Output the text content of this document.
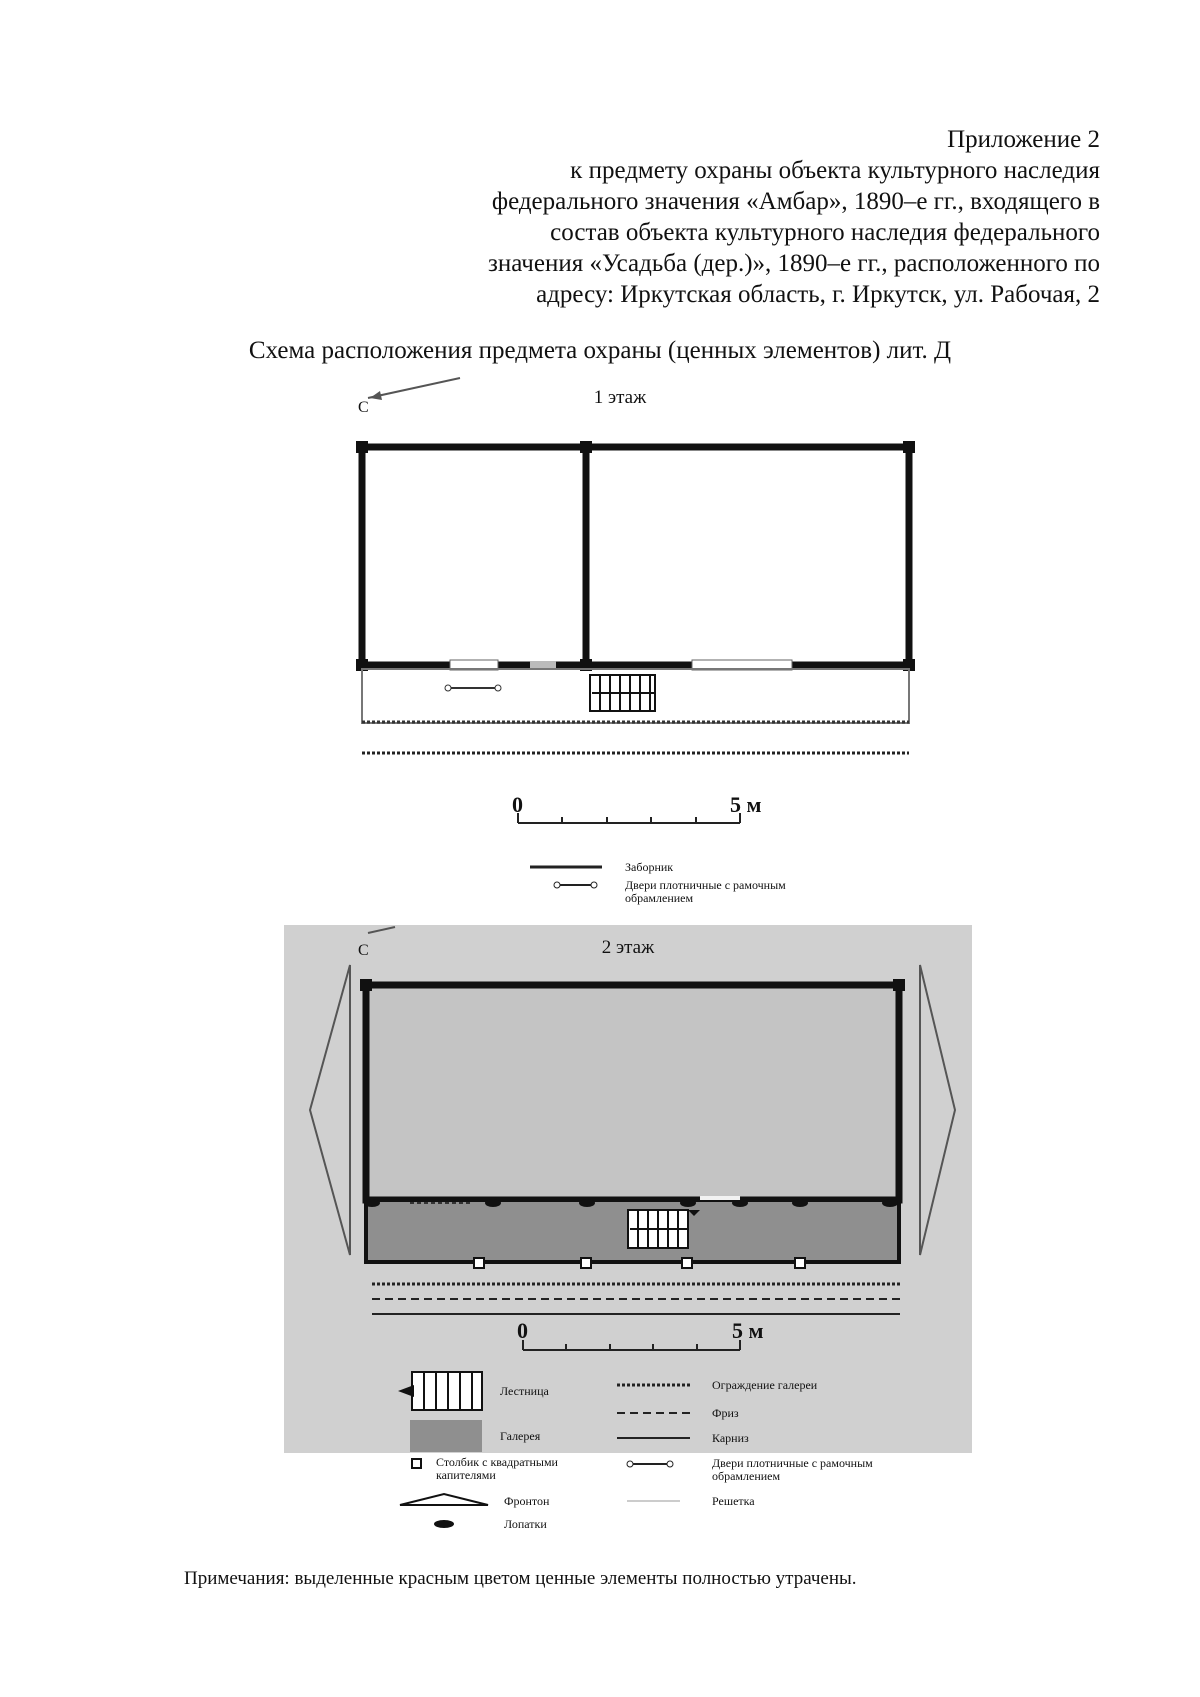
Приложение 2

к предмету охраны объекта культурного наследия

федерального значения «Амбар», 1890–е гг., входящего в

состав объекта культурного наследия федерального

значения «Усадьба (дер.)», 1890–е гг., расположенного по

адресу: Иркутская область, г. Иркутск, ул. Рабочая, 2

Схема расположения предмета охраны (ценных элементов) лит. Д
С	1 этаж
0	5 м
Заборник
Двери плотничные с рамочным обрамлением
С	2 этаж
0	5 м
Лестница
Галерея
Столбик с квадратными капителями
Фронтон
Лопатки
Ограждение галереи
Фриз
Карниз
Двери плотничные с рамочным обрамлением
Решетка
Примечания: выделенные красным цветом ценные элементы полностью утрачены.
